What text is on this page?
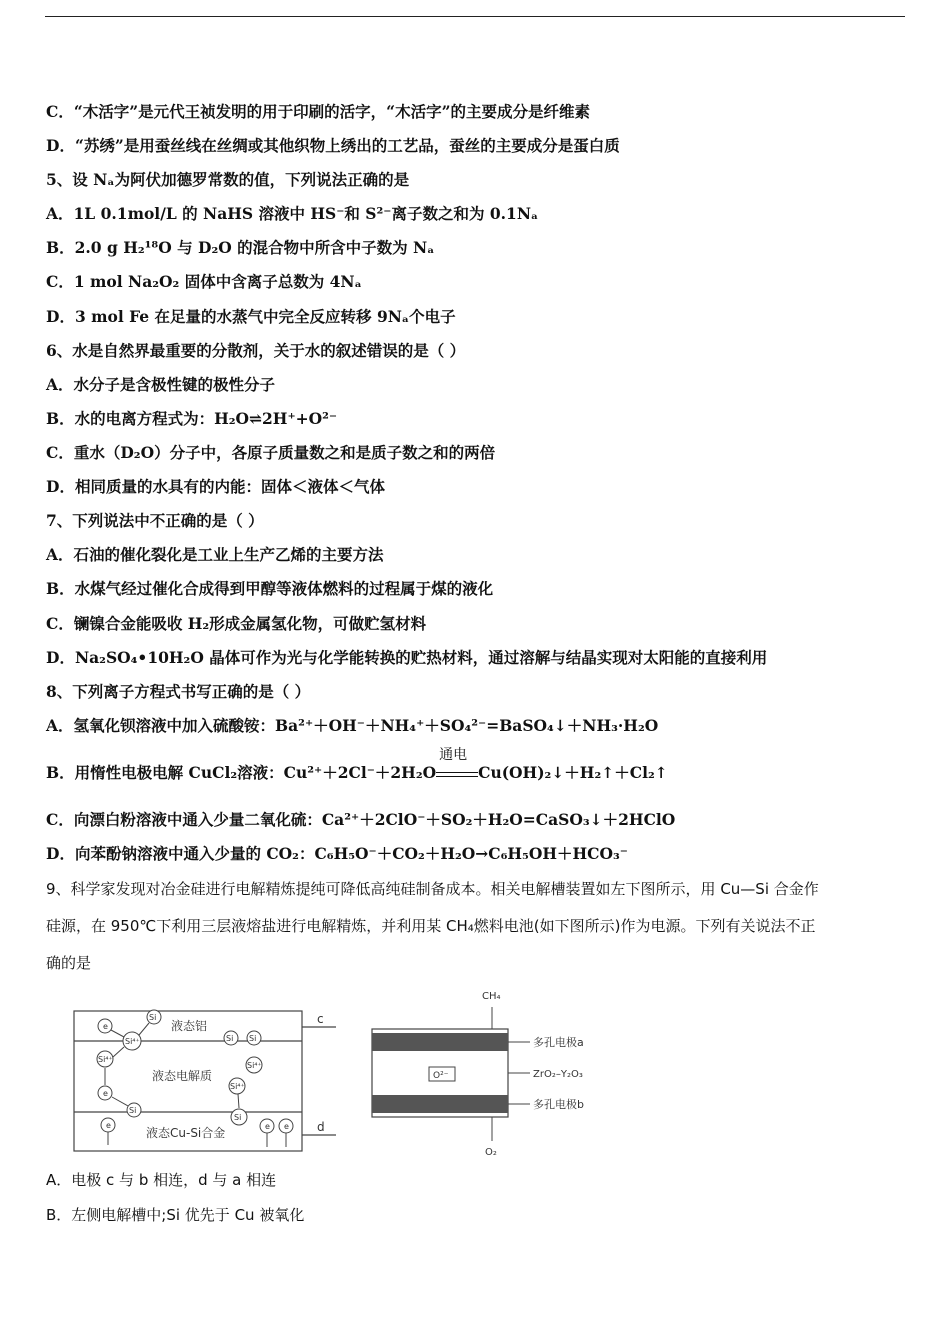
C．“木活字”是元代王祯发明的用于印刷的活字，“木活字”的主要成分是纤维素
D．“苏绣”是用蚕丝线在丝绸或其他织物上绣出的工艺品，蚕丝的主要成分是蛋白质
5、设 Nₐ为阿伏加德罗常数的值，下列说法正确的是
A．1L 0.1mol/L 的 NaHS 溶液中 HS⁻和 S²⁻离子数之和为 0.1Nₐ
B．2.0 g H₂¹⁸O 与 D₂O 的混合物中所含中子数为 Nₐ
C．1 mol Na₂O₂ 固体中含离子总数为 4Nₐ
D．3 mol Fe 在足量的水蒸气中完全反应转移 9Nₐ个电子
6、水是自然界最重要的分散剂，关于水的叙述错误的是（ ）
A．水分子是含极性键的极性分子
B．水的电离方程式为：H₂O⇌2H⁺+O²⁻
C．重水（D₂O）分子中，各原子质量数之和是质子数之和的两倍
D．相同质量的水具有的内能：固体＜液体＜气体
7、下列说法中不正确的是（ ）
A．石油的催化裂化是工业上生产乙烯的主要方法
B．水煤气经过催化合成得到甲醇等液体燃料的过程属于煤的液化
C．镧镍合金能吸收 H₂形成金属氢化物，可做贮氢材料
D．Na₂SO₄•10H₂O 晶体可作为光与化学能转换的贮热材料，通过溶解与结晶实现对太阳能的直接利用
8、下列离子方程式书写正确的是（ ）
A．氢氧化钡溶液中加入硫酸铵：Ba²⁺＋OH⁻＋NH₄⁺＋SO₄²⁻=BaSO₄↓＋NH₃·H₂O
B．用惰性电极电解 CuCl₂溶液：Cu²⁺＋2Cl⁻＋2H₂O
通电
Cu(OH)₂↓＋H₂↑＋Cl₂↑
C．向漂白粉溶液中通入少量二氧化硫：Ca²⁺＋2ClO⁻＋SO₂＋H₂O=CaSO₃↓＋2HClO
D．向苯酚钠溶液中通入少量的 CO₂：C₆H₅O⁻＋CO₂＋H₂O→C₆H₅OH＋HCO₃⁻
9、科学家发现对冶金硅进行电解精炼提纯可降低高纯硅制备成本。相关电解槽装置如左下图所示，用 Cu—Si 合金作
硅源，在 950℃下利用三层液熔盐进行电解精炼，并利用某 CH₄燃料电池(如下图所示)作为电源。下列有关说法不正
确的是
液态铝
液态电解质
液态Cu-Si合金
c
d
e
Si
Si⁴⁺	Si Si
Si⁴⁺
Si⁴⁺
e
Si⁴⁺
Si
e
Si
e e
CH₄
O₂
O²⁻
多孔电极a
ZrO₂–Y₂O₃
多孔电极b
A．电极 c 与 b 相连，d 与 a 相连
B．左侧电解槽中;Si 优先于 Cu 被氧化
